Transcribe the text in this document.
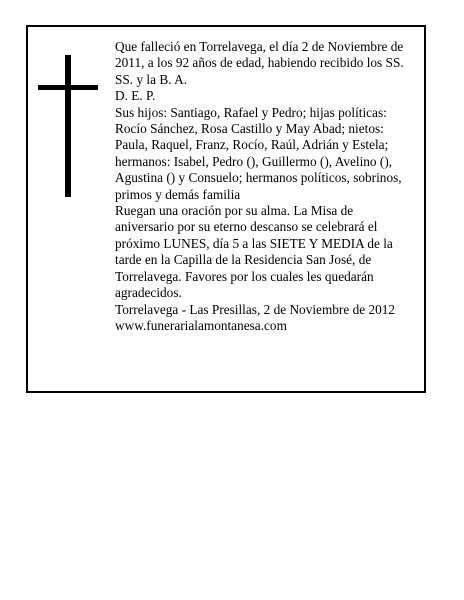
Que falleció en Torrelavega, el día 2 de Noviembre de 2011, a los 92 años de edad, habiendo recibido los SS. SS. y la B. A.

D. E. P.

Sus hijos: Santiago, Rafael y Pedro; hijas políticas: Rocío Sánchez, Rosa Castillo y May Abad; nietos: Paula, Raquel, Franz, Rocío, Raúl, Adrián y Estela; hermanos: Isabel, Pedro (), Guillermo (), Avelino (), Agustina () y Consuelo; hermanos políticos, sobrinos, primos y demás familia

Ruegan una oración por su alma. La Misa de aniversario por su eterno descanso se celebrará el próximo LUNES, día 5 a las SIETE Y MEDIA de la tarde en la Capilla de la Residencia San José, de Torrelavega. Favores por los cuales les quedarán agradecidos.

Torrelavega - Las Presillas, 2 de Noviembre de 2012

www.funerarialamontanesa.com
